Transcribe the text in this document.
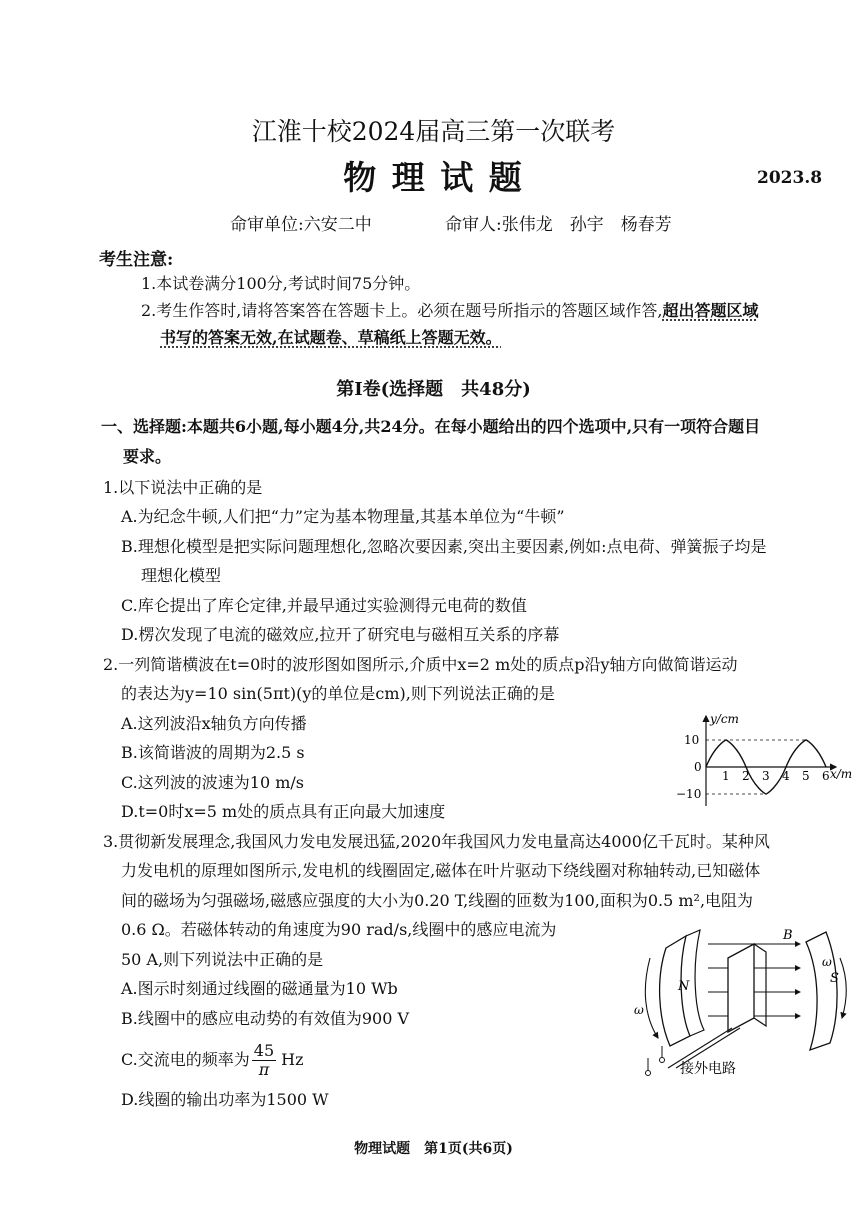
江淮十校2024届高三第一次联考
物 理 试 题	2023.8
命审单位:六安二中	命审人:张伟龙　孙宇　杨春芳
考生注意:
1.本试卷满分100分,考试时间75分钟。
2.考生作答时,请将答案答在答题卡上。必须在题号所指示的答题区域作答,超出答题区域
书写的答案无效,在试题卷、草稿纸上答题无效。
第Ⅰ卷(选择题　共48分)
一、选择题:本题共6小题,每小题4分,共24分。在每小题给出的四个选项中,只有一项符合题目
要求。
1.以下说法中正确的是
A.为纪念牛顿,人们把“力”定为基本物理量,其基本单位为“牛顿”
B.理想化模型是把实际问题理想化,忽略次要因素,突出主要因素,例如:点电荷、弹簧振子均是
理想化模型
C.库仑提出了库仑定律,并最早通过实验测得元电荷的数值
D.楞次发现了电流的磁效应,拉开了研究电与磁相互关系的序幕
2.一列简谐横波在t=0时的波形图如图所示,介质中x=2 m处的质点p沿y轴方向做简谐运动
的表达为y=10 sin(5πt)(y的单位是cm),则下列说法正确的是
A.这列波沿x轴负方向传播
B.该简谐波的周期为2.5 s
C.这列波的波速为10 m/s
D.t=0时x=5 m处的质点具有正向最大加速度
y/cm
x/m
10
0
−10
1 2 3 4 5 6
3.贯彻新发展理念,我国风力发电发展迅猛,2020年我国风力发电量高达4000亿千瓦时。某种风
力发电机的原理如图所示,发电机的线圈固定,磁体在叶片驱动下绕线圈对称轴转动,已知磁体
间的磁场为匀强磁场,磁感应强度的大小为0.20 T,线圈的匝数为100,面积为0.5 m²,电阻为
0.6 Ω。若磁体转动的角速度为90 rad/s,线圈中的感应电流为
50 A,则下列说法中正确的是
A.图示时刻通过线圈的磁通量为10 Wb
B.线圈中的感应电动势的有效值为900 V
C.交流电的频率为 $\frac{45}{\pi}$ Hz
D.线圈的输出功率为1500 W
B
N
S
ω
ω
接外电路
物理试题　第1页(共6页)
